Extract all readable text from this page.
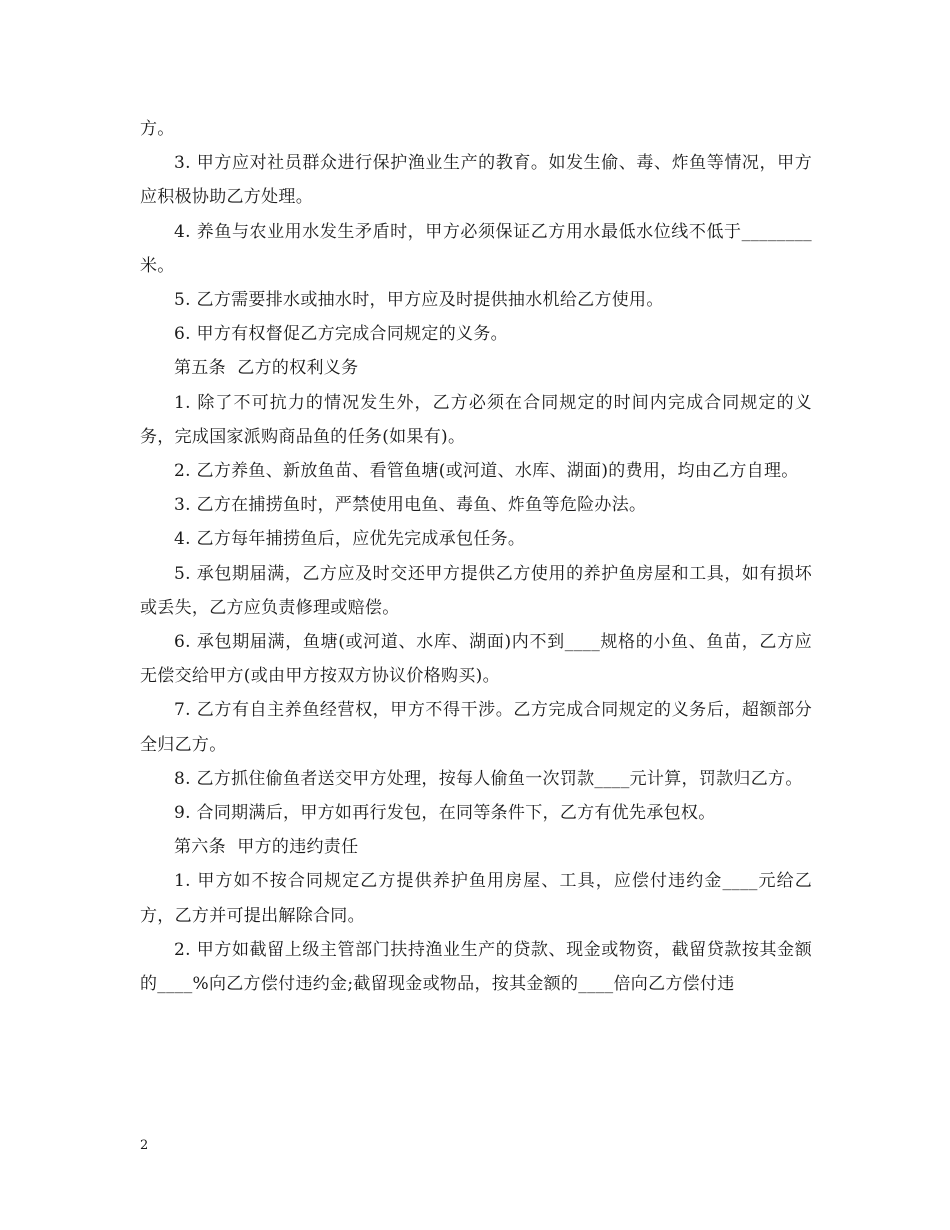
方。

3. 甲方应对社员群众进行保护渔业生产的教育。如发生偷、毒、炸鱼等情况，甲方应积极协助乙方处理。

4. 养鱼与农业用水发生矛盾时，甲方必须保证乙方用水最低水位线不低于________米。

5. 乙方需要排水或抽水时，甲方应及时提供抽水机给乙方使用。

6. 甲方有权督促乙方完成合同规定的义务。

第五条  乙方的权利义务

1. 除了不可抗力的情况发生外，乙方必须在合同规定的时间内完成合同规定的义务，完成国家派购商品鱼的任务(如果有)。

2. 乙方养鱼、新放鱼苗、看管鱼塘(或河道、水库、湖面)的费用，均由乙方自理。

3. 乙方在捕捞鱼时，严禁使用电鱼、毒鱼、炸鱼等危险办法。

4. 乙方每年捕捞鱼后，应优先完成承包任务。

5. 承包期届满，乙方应及时交还甲方提供乙方使用的养护鱼房屋和工具，如有损坏或丢失，乙方应负责修理或赔偿。

6. 承包期届满，鱼塘(或河道、水库、湖面)内不到____规格的小鱼、鱼苗，乙方应无偿交给甲方(或由甲方按双方协议价格购买)。

7. 乙方有自主养鱼经营权，甲方不得干涉。乙方完成合同规定的义务后，超额部分全归乙方。

8. 乙方抓住偷鱼者送交甲方处理，按每人偷鱼一次罚款____元计算，罚款归乙方。

9. 合同期满后，甲方如再行发包，在同等条件下，乙方有优先承包权。

第六条  甲方的违约责任

1. 甲方如不按合同规定乙方提供养护鱼用房屋、工具，应偿付违约金____元给乙方，乙方并可提出解除合同。

2. 甲方如截留上级主管部门扶持渔业生产的贷款、现金或物资，截留贷款按其金额的____%向乙方偿付违约金;截留现金或物品，按其金额的____倍向乙方偿付违

2
